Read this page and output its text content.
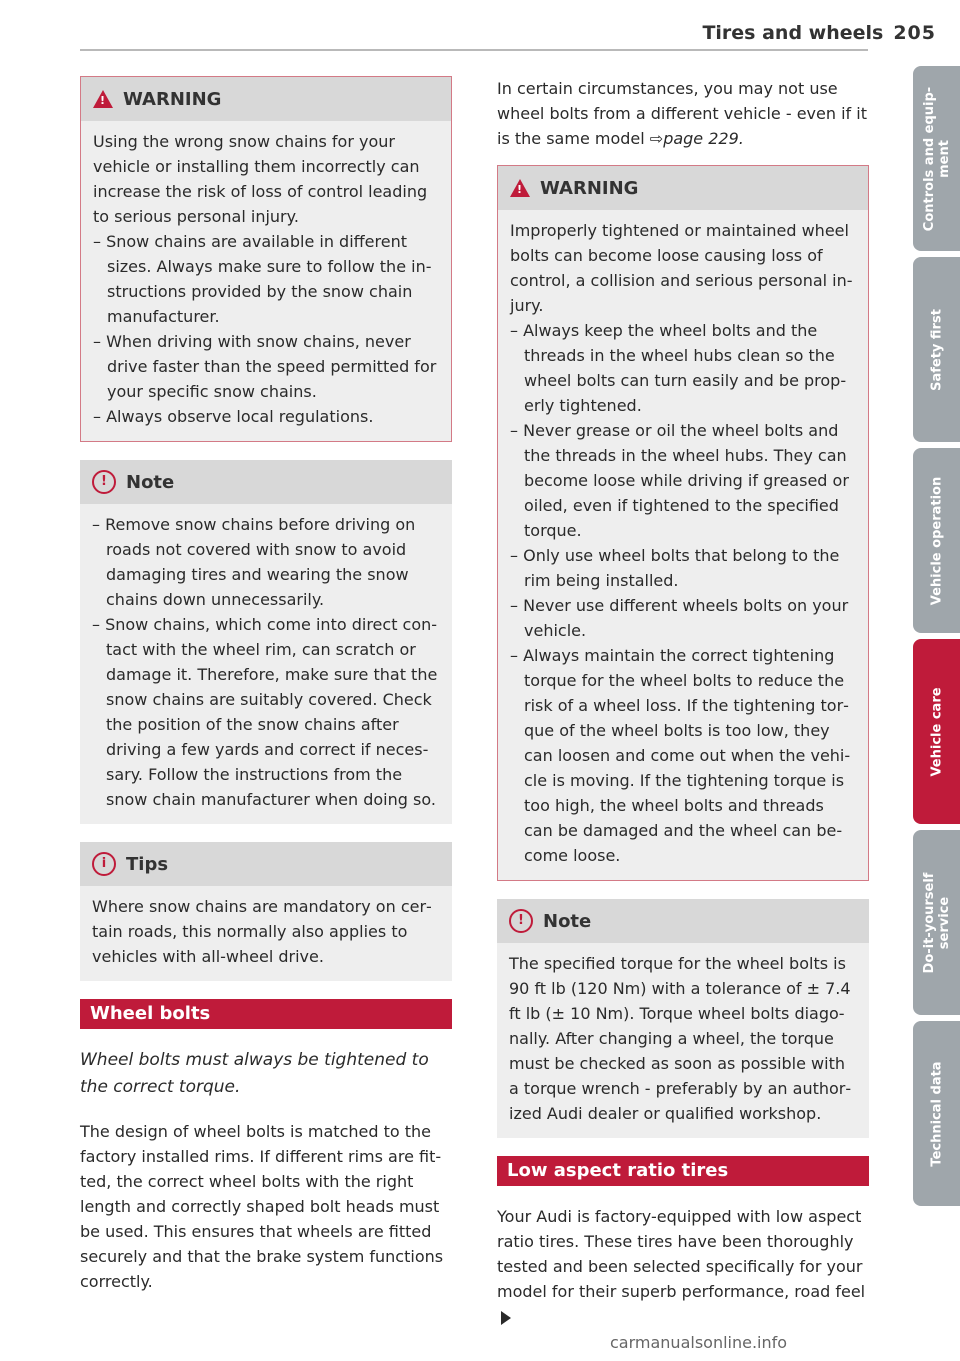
Tires and wheels 205
! WARNING

Using the wrong snow chains for your vehicle or installing them incorrectly can increase the risk of loss of control leading to serious personal injury.

– Snow chains are available in different sizes. Always make sure to follow the instructions provided by the snow chain manufacturer.
– When driving with snow chains, never drive faster than the speed permitted for your specific snow chains.
– Always observe local regulations.
!	Note
– Remove snow chains before driving on roads not covered with snow to avoid damaging tires and wearing the snow chains down unnecessarily.
– Snow chains, which come into direct contact with the wheel rim, can scratch or damage it. Therefore, make sure that the snow chains are suitably covered. Check the position of the snow chains after driving a few yards and correct if necessary. Follow the instructions from the snow chain manufacturer when doing so.
i	Tips

Where snow chains are mandatory on certain roads, this normally also applies to vehicles with all-wheel drive.

Wheel bolts

Wheel bolts must always be tightened to the correct torque.

The design of wheel bolts is matched to the factory installed rims. If different rims are fitted, the correct wheel bolts with the right length and correctly shaped bolt heads must be used. This ensures that wheels are fitted securely and that the brake system functions correctly.

In certain circumstances, you may not use wheel bolts from a different vehicle - even if it is the same model ⇨page 229.

! WARNING

Improperly tightened or maintained wheel bolts can become loose causing loss of control, a collision and serious personal injury.

– Always keep the wheel bolts and the threads in the wheel hubs clean so the wheel bolts can turn easily and be properly tightened.
– Never grease or oil the wheel bolts and the threads in the wheel hubs. They can become loose while driving if greased or oiled, even if tightened to the specified torque.
– Only use wheel bolts that belong to the rim being installed.
– Never use different wheels bolts on your vehicle.
– Always maintain the correct tightening torque for the wheel bolts to reduce the risk of a wheel loss. If the tightening torque of the wheel bolts is too low, they can loosen and come out when the vehicle is moving. If the tightening torque is too high, the wheel bolts and threads can be damaged and the wheel can become loose.
!	Note

The specified torque for the wheel bolts is 90 ft lb (120 Nm) with a tolerance of ± 7.4 ft lb (± 10 Nm). Torque wheel bolts diagonally. After changing a wheel, the torque must be checked as soon as possible with a torque wrench - preferably by an authorized Audi dealer or qualified workshop.

Low aspect ratio tires

Your Audi is factory-equipped with low aspect ratio tires. These tires have been thoroughly tested and been selected specifically for your model for their superb performance, road feel

Controls and equip-
ment
Safety first
Vehicle operation
Vehicle care
Do-it-yourself
service
Technical data
carmanualsonline.info
